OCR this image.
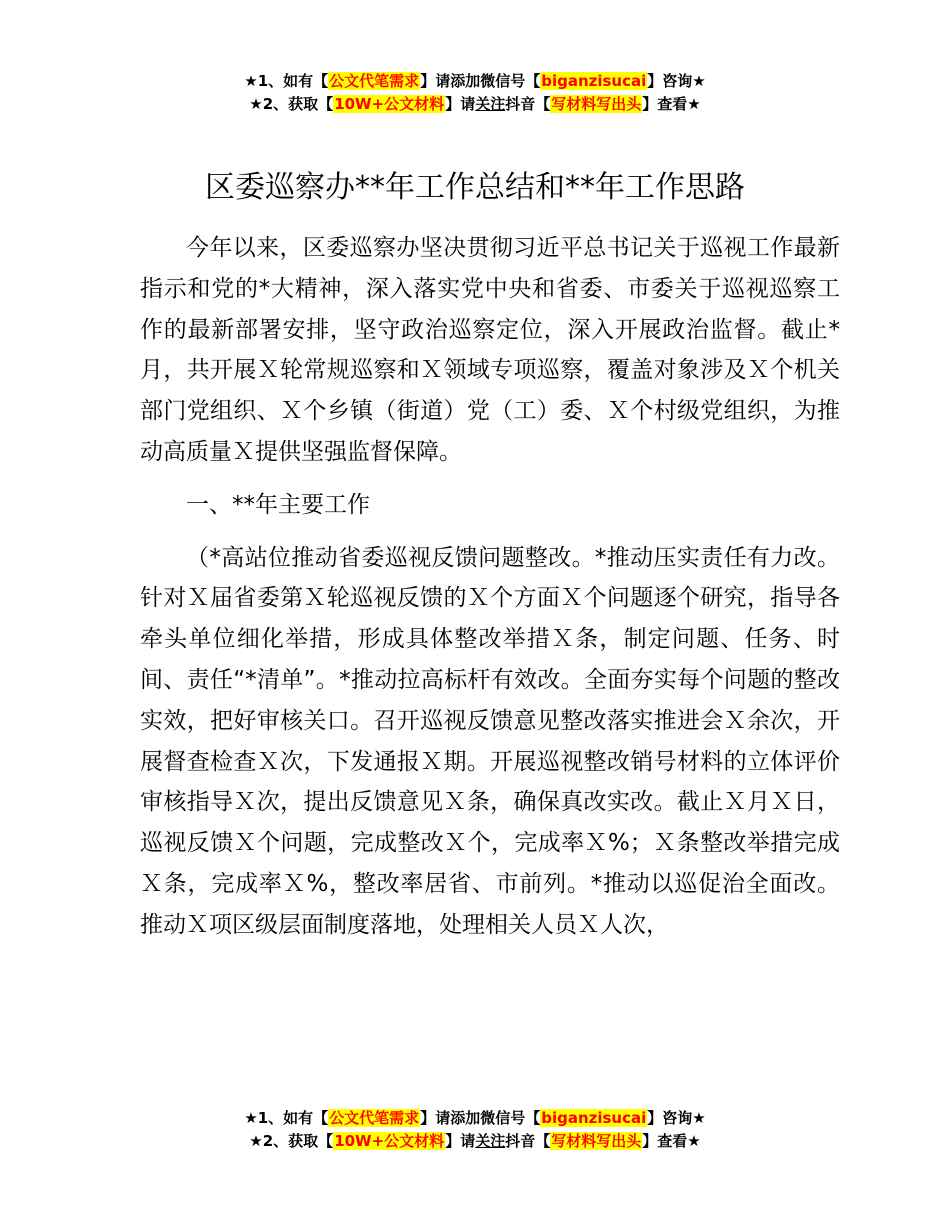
★1、如有【公文代笔需求】请添加微信号【biganzisucai】咨询★
★2、获取【10W+公文材料】请关注抖音【写材料写出头】查看★
区委巡察办**年工作总结和**年工作思路

今年以来，区委巡察办坚决贯彻习近平总书记关于巡视工作最新指示和党的*大精神，深入落实党中央和省委、市委关于巡视巡察工作的最新部署安排，坚守政治巡察定位，深入开展政治监督。截止*月，共开展Ｘ轮常规巡察和Ｘ领域专项巡察，覆盖对象涉及Ｘ个机关部门党组织、Ｘ个乡镇（街道）党（工）委、Ｘ个村级党组织，为推动高质量Ｘ提供坚强监督保障。

一、**年主要工作

（*高站位推动省委巡视反馈问题整改。*推动压实责任有力改。针对Ｘ届省委第Ｘ轮巡视反馈的Ｘ个方面Ｘ个问题逐个研究，指导各牵头单位细化举措，形成具体整改举措Ｘ条，制定问题、任务、时间、责任“*清单”。*推动拉高标杆有效改。全面夯实每个问题的整改实效，把好审核关口。召开巡视反馈意见整改落实推进会Ｘ余次，开展督查检查Ｘ次，下发通报Ｘ期。开展巡视整改销号材料的立体评价审核指导Ｘ次，提出反馈意见Ｘ条，确保真改实改。截止Ｘ月Ｘ日，巡视反馈Ｘ个问题，完成整改Ｘ个，完成率Ｘ%；Ｘ条整改举措完成Ｘ条，完成率Ｘ%，整改率居省、市前列。*推动以巡促治全面改。推动Ｘ项区级层面制度落地，处理相关人员Ｘ人次，

★1、如有【公文代笔需求】请添加微信号【biganzisucai】咨询★
★2、获取【10W+公文材料】请关注抖音【写材料写出头】查看★
